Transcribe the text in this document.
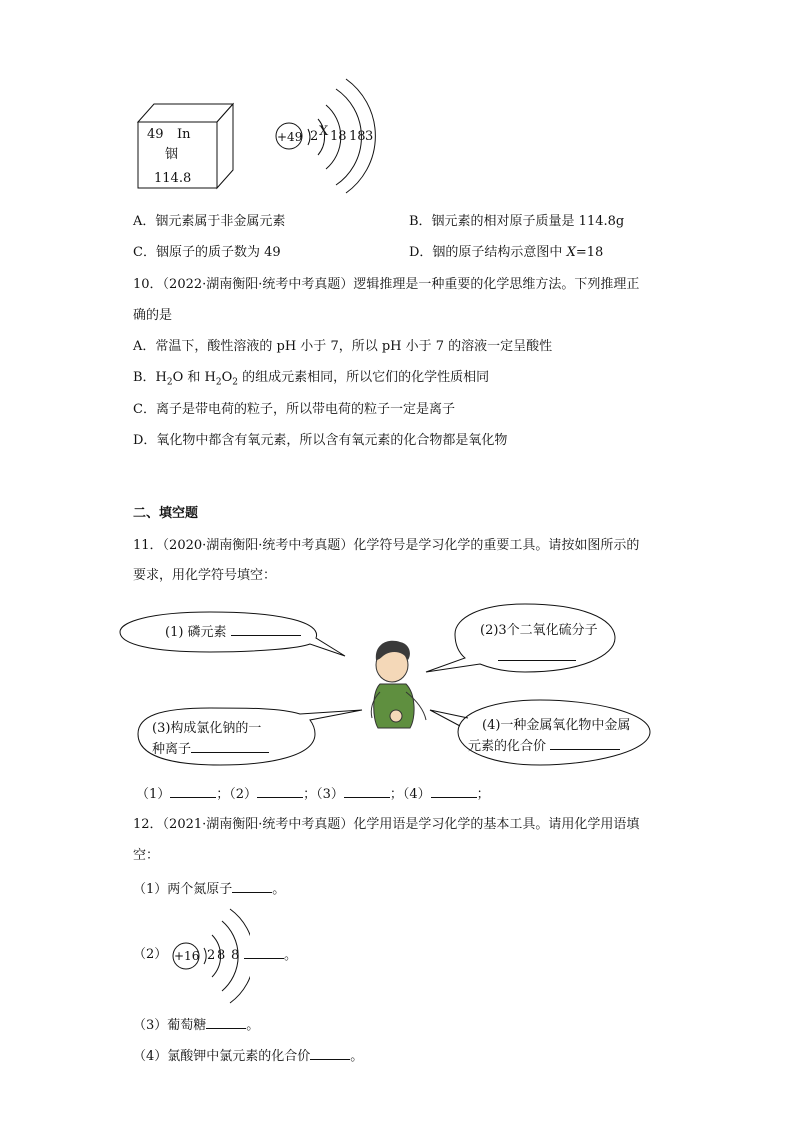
49 In
铟
114.8
+49 2 X 18 18 3
A．铟元素属于非金属元素	B．铟元素的相对原子质量是 114.8g
C．铟原子的质子数为 49	D．铟的原子结构示意图中 X=18
10．（2022·湖南衡阳·统考中考真题）逻辑推理是一种重要的化学思维方法。下列推理正
确的是
A．常温下，酸性溶液的 pH 小于 7，所以 pH 小于 7 的溶液一定呈酸性
B．$H_2O$ 和 $H_2O_2$ 的组成元素相同，所以它们的化学性质相同
C．离子是带电荷的粒子，所以带电荷的粒子一定是离子
D．氧化物中都含有氧元素，所以含有氧元素的化合物都是氧化物
二、填空题
11．（2020·湖南衡阳·统考中考真题）化学符号是学习化学的重要工具。请按如图所示的
要求，用化学符号填空：
(1) 磷元素	(2)3个二氧化硫分子
(3)构成氯化钠的一
种离子
(4)一种金属氧化物中金属
元素的化合价
（1）	；（2）	；（3）	；（4）	；
12．（2021·湖南衡阳·统考中考真题）化学用语是学习化学的基本工具。请用化学用语填
空：
（1）两个氮原子	。
（2） +16 2 8 8	。
（3）葡萄糖	。
（4）氯酸钾中氯元素的化合价	。
